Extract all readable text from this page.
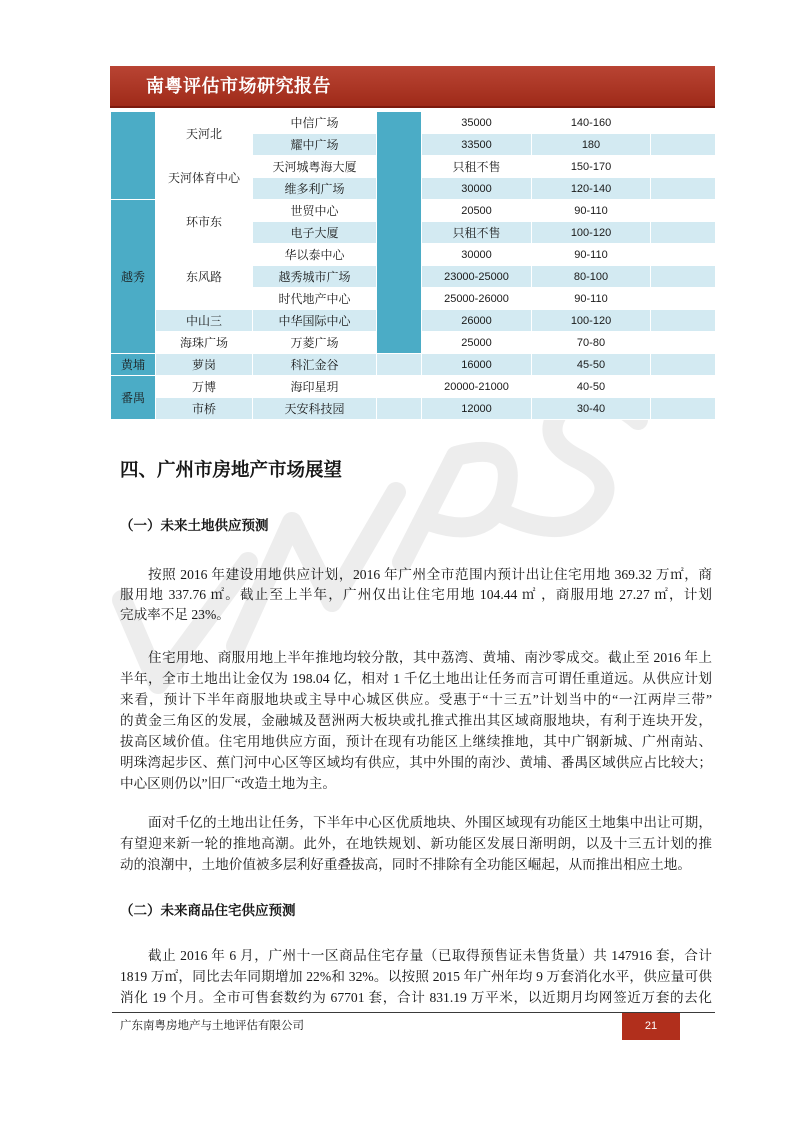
南粤评估市场研究报告
	天河北	中信广场		35000	140-160	
		耀中广场		33500	180	
	天河体育中心	天河城粤海大厦		只租不售	150-170	
		维多利广场		30000	120-140	
越秀	环市东	世贸中心		20500	90-110	
		电子大厦		只租不售	100-120	
	东风路	华以泰中心		30000	90-110	
		越秀城市广场		23000-25000	80-100	
		时代地产中心		25000-26000	90-110	
	中山三	中华国际中心		26000	100-120	
	海珠广场	万菱广场		25000	70-80	
黄埔	萝岗	科汇金谷		16000	45-50	
番禺	万博	海印星玥		20000-21000	40-50	
	市桥	天安科技园		12000	30-40	
四、广州市房地产市场展望
（一）未来土地供应预测
按照 2016 年建设用地供应计划，2016 年广州全市范围内预计出让住宅用地 369.32 万㎡，商
服用地 337.76 ㎡。截止至上半年，广州仅出让住宅用地 104.44 ㎡ ，商服用地 27.27 ㎡，计划
完成率不足 23%。
住宅用地、商服用地上半年推地均较分散，其中荔湾、黄埔、南沙零成交。截止至 2016 年上
半年，全市土地出让金仅为 198.04 亿，相对 1 千亿土地出让任务而言可谓任重道远。从供应计划
来看，预计下半年商服地块或主导中心城区供应。受惠于“十三五”计划当中的“一江两岸三带”
的黄金三角区的发展，金融城及琶洲两大板块或扎推式推出其区域商服地块，有利于连块开发，
拔高区域价值。住宅用地供应方面，预计在现有功能区上继续推地，其中广钢新城、广州南站、
明珠湾起步区、蕉门河中心区等区域均有供应，其中外围的南沙、黄埔、番禺区域供应占比较大；
中心区则仍以”旧厂“改造土地为主。
面对千亿的土地出让任务，下半年中心区优质地块、外围区域现有功能区土地集中出让可期，
有望迎来新一轮的推地高潮。此外，在地铁规划、新功能区发展日渐明朗，以及十三五计划的推
动的浪潮中，土地价值被多层利好重叠拔高，同时不排除有全功能区崛起，从而推出相应土地。
（二）未来商品住宅供应预测
截止 2016 年 6 月，广州十一区商品住宅存量（已取得预售证未售货量）共 147916 套，合计
1819 万㎡，同比去年同期增加 22%和 32%。以按照 2015 年广州年均 9 万套消化水平，供应量可供
消化 19 个月。全市可售套数约为 67701 套，合计 831.19 万平米，以近期月均网签近万套的去化
广东南粤房地产与土地评估有限公司	21
